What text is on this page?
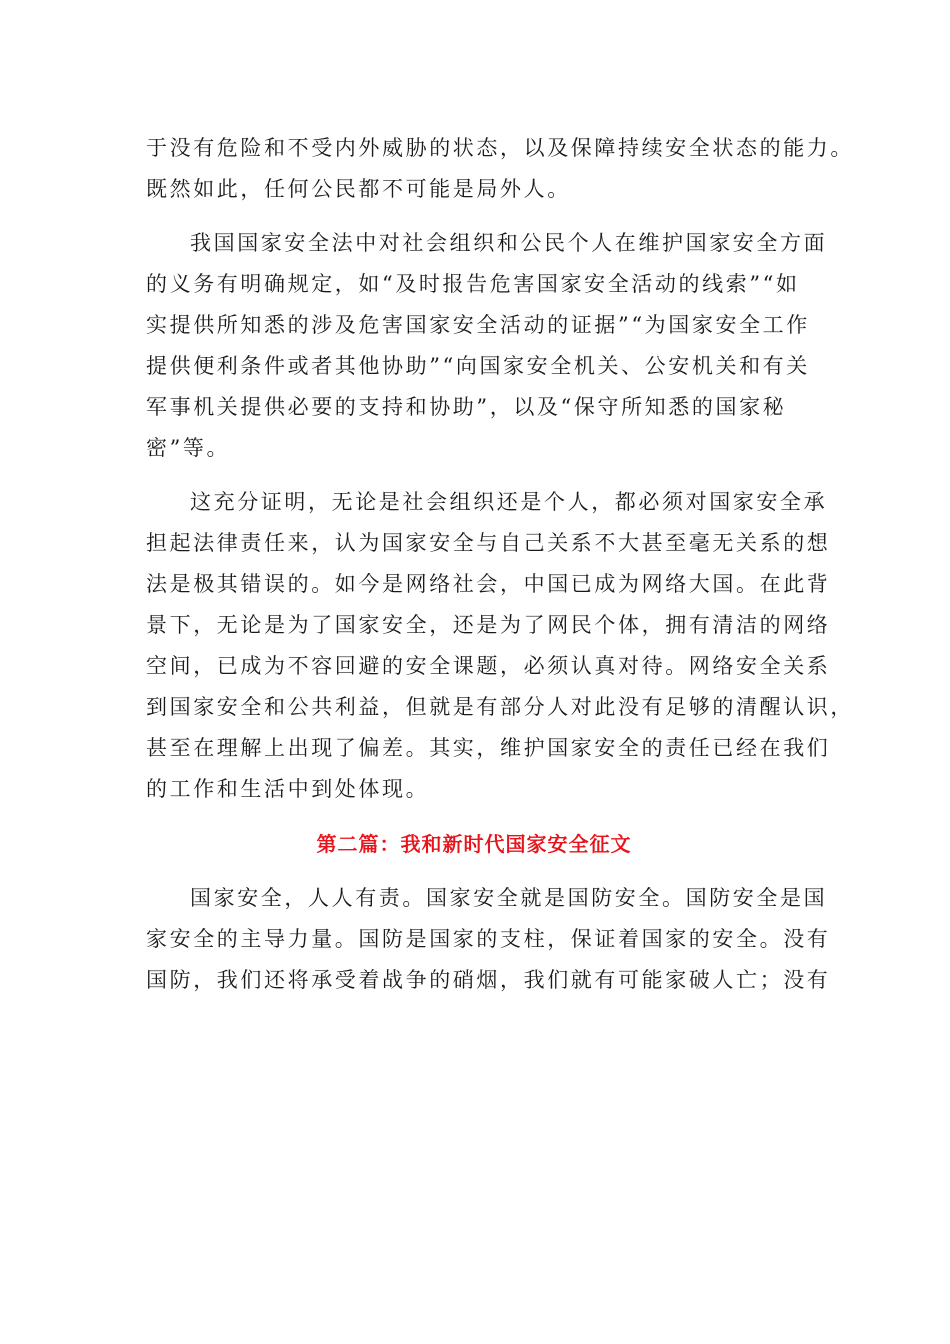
于没有危险和不受内外威胁的状态，以及保障持续安全状态的能力。
既然如此，任何公民都不可能是局外人。
我国国家安全法中对社会组织和公民个人在维护国家安全方面
的义务有明确规定，如“及时报告危害国家安全活动的线索”“如
实提供所知悉的涉及危害国家安全活动的证据”“为国家安全工作
提供便利条件或者其他协助”“向国家安全机关、公安机关和有关
军事机关提供必要的支持和协助”，以及“保守所知悉的国家秘
密”等。
这充分证明，无论是社会组织还是个人，都必须对国家安全承
担起法律责任来，认为国家安全与自己关系不大甚至毫无关系的想
法是极其错误的。如今是网络社会，中国已成为网络大国。在此背
景下，无论是为了国家安全，还是为了网民个体，拥有清洁的网络
空间，已成为不容回避的安全课题，必须认真对待。网络安全关系
到国家安全和公共利益，但就是有部分人对此没有足够的清醒认识，
甚至在理解上出现了偏差。其实，维护国家安全的责任已经在我们
的工作和生活中到处体现。
第二篇：我和新时代国家安全征文
国家安全，人人有责。国家安全就是国防安全。国防安全是国
家安全的主导力量。国防是国家的支柱，保证着国家的安全。没有
国防，我们还将承受着战争的硝烟，我们就有可能家破人亡；没有
